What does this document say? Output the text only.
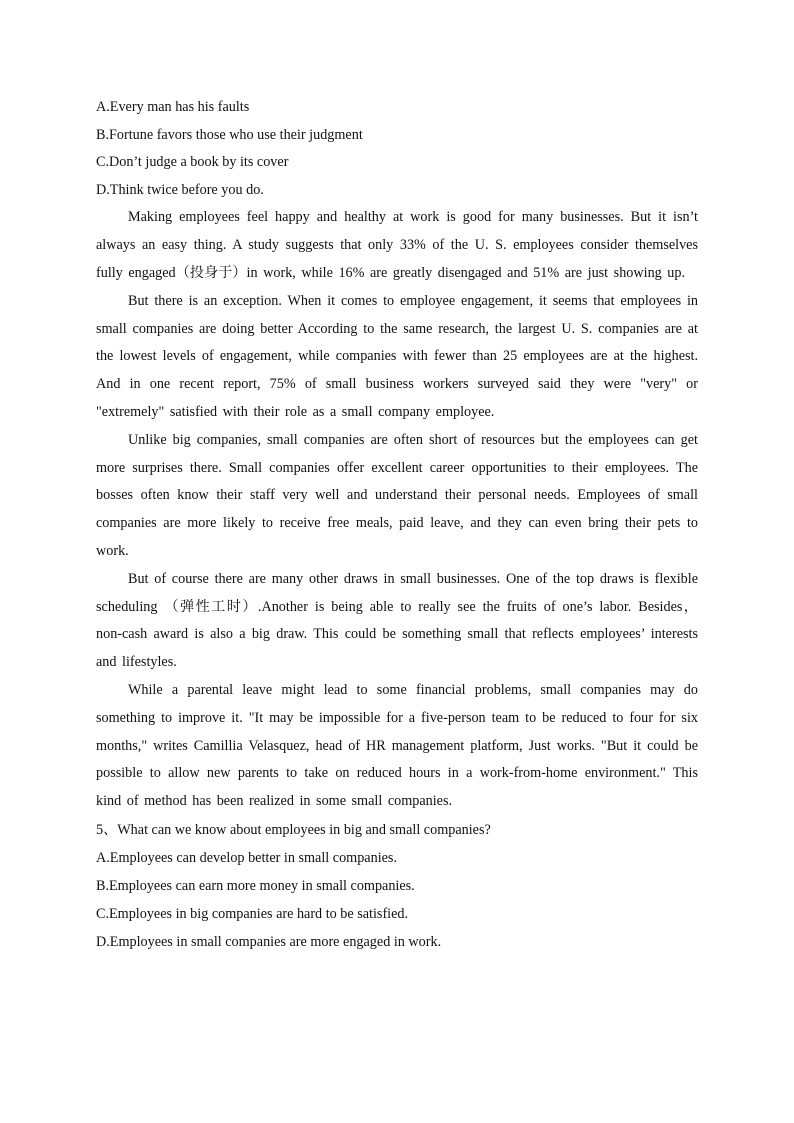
A.Every man has his faults

B.Fortune favors those who use their judgment

C.Don’t judge a book by its cover

D.Think twice before you do.

Making employees feel happy and healthy at work is good for many businesses. But it isn’t always an easy thing. A study suggests that only 33% of the U. S. employees consider themselves fully engaged（投身于）in work, while 16% are greatly disengaged and 51% are just showing up.

But there is an exception. When it comes to employee engagement, it seems that employees in small companies are doing better According to the same research, the largest U. S. companies are at the lowest levels of engagement, while companies with fewer than 25 employees are at the highest. And in one recent report, 75% of small business workers surveyed said they were "very" or "extremely" satisfied with their role as a small company employee.

Unlike big companies, small companies are often short of resources but the employees can get more surprises there. Small companies offer excellent career opportunities to their employees. The bosses often know their staff very well and understand their personal needs. Employees of small companies are more likely to receive free meals, paid leave, and they can even bring their pets to work.

But of course there are many other draws in small businesses. One of the top draws is flexible scheduling （弹性工时）.Another is being able to really see the fruits of one’s labor. Besides， non-cash award is also a big draw. This could be something small that reflects employees’ interests and lifestyles.

While a parental leave might lead to some financial problems, small companies may do something to improve it. "It may be impossible for a five-person team to be reduced to four for six months," writes Camillia Velasquez, head of HR management platform, Just works. "But it could be possible to allow new parents to take on reduced hours in a work-from-home environment." This kind of method has been realized in some small companies.

5、What can we know about employees in big and small companies?

A.Employees can develop better in small companies.

B.Employees can earn more money in small companies.

C.Employees in big companies are hard to be satisfied.

D.Employees in small companies are more engaged in work.
